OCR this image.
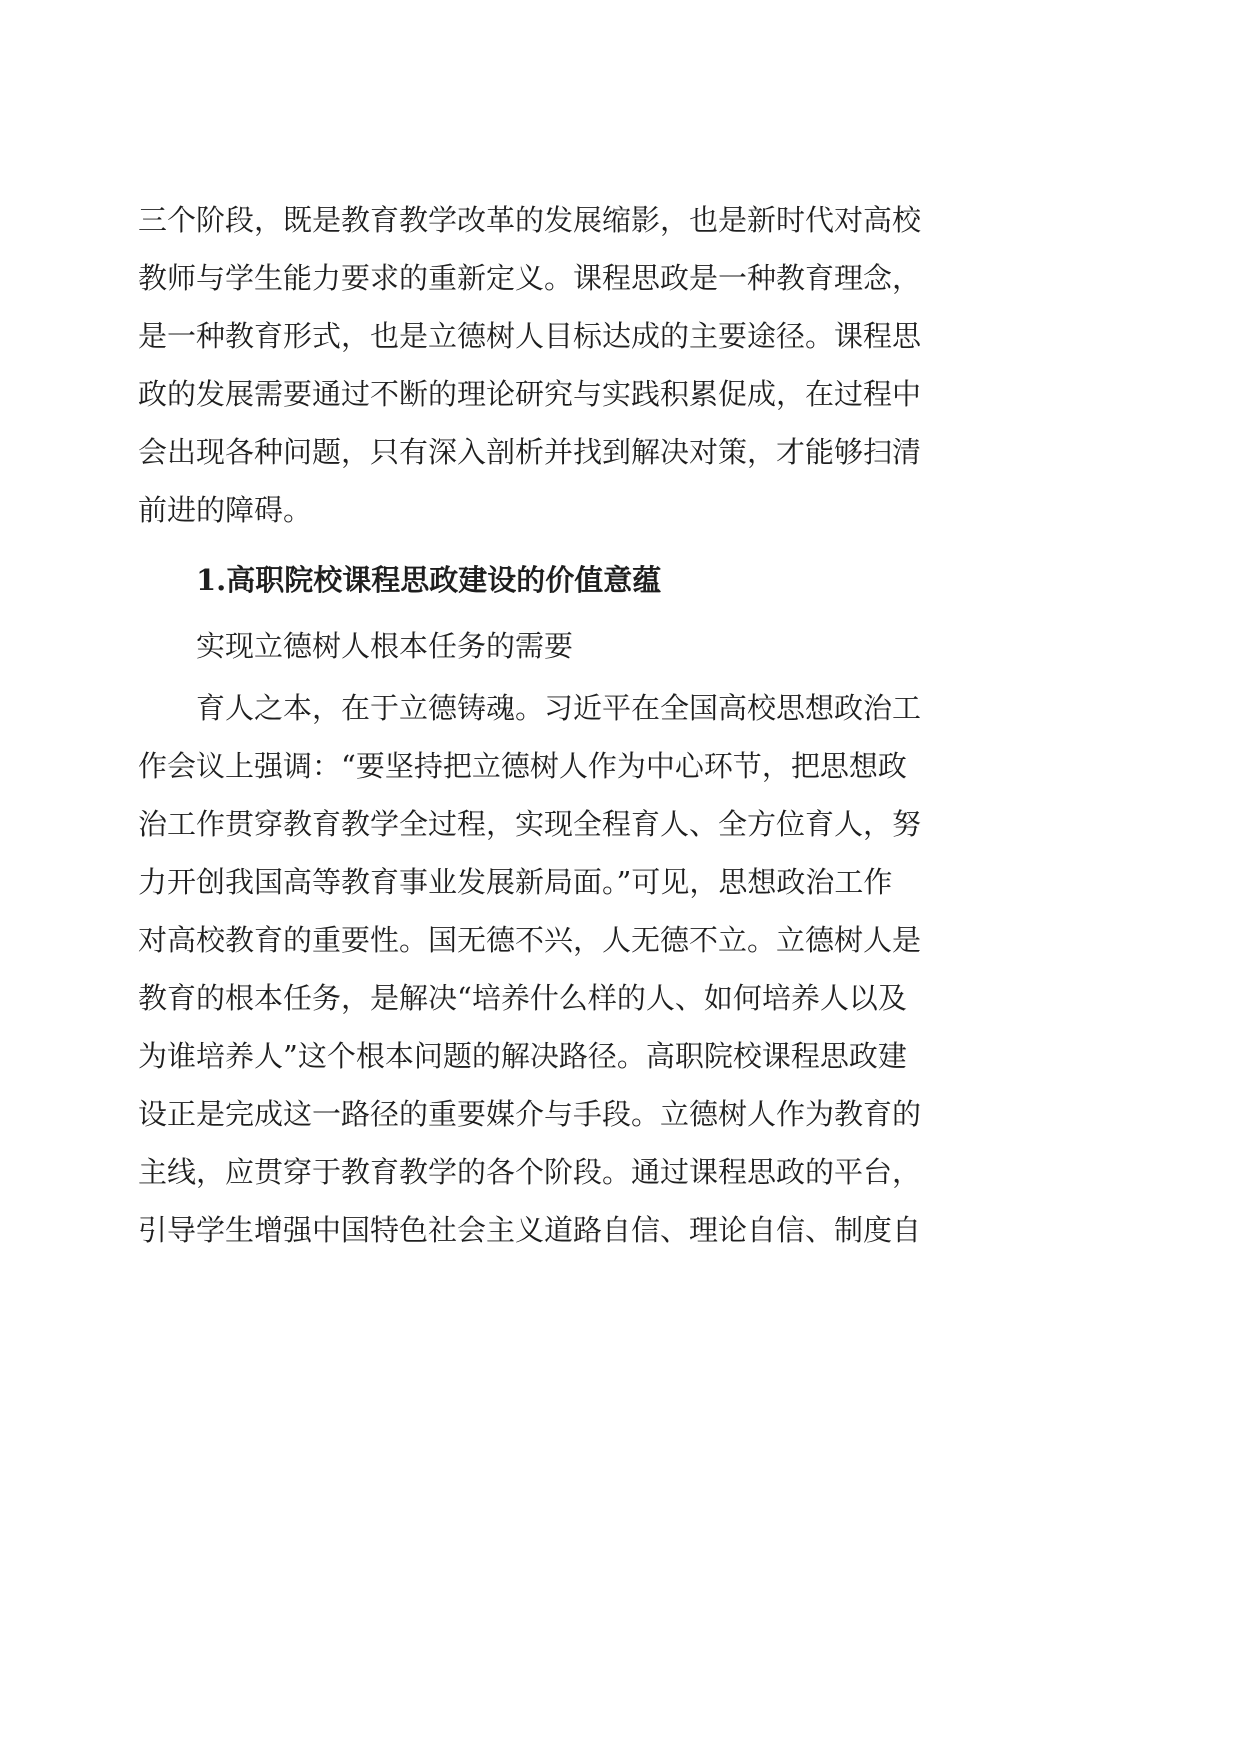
三个阶段，既是教育教学改革的发展缩影，也是新时代对高校
教师与学生能力要求的重新定义。课程思政是一种教育理念，
是一种教育形式，也是立德树人目标达成的主要途径。课程思
政的发展需要通过不断的理论研究与实践积累促成，在过程中
会出现各种问题，只有深入剖析并找到解决对策，才能够扫清
前进的障碍。
1.高职院校课程思政建设的价值意蕴
实现立德树人根本任务的需要
育人之本，在于立德铸魂。习近平在全国高校思想政治工
作会议上强调：“要坚持把立德树人作为中心环节，把思想政
治工作贯穿教育教学全过程，实现全程育人、全方位育人，努
力开创我国高等教育事业发展新局面。”可见，思想政治工作
对高校教育的重要性。国无德不兴，人无德不立。立德树人是
教育的根本任务，是解决“培养什么样的人、如何培养人以及
为谁培养人”这个根本问题的解决路径。高职院校课程思政建
设正是完成这一路径的重要媒介与手段。立德树人作为教育的
主线，应贯穿于教育教学的各个阶段。通过课程思政的平台，
引导学生增强中国特色社会主义道路自信、理论自信、制度自
